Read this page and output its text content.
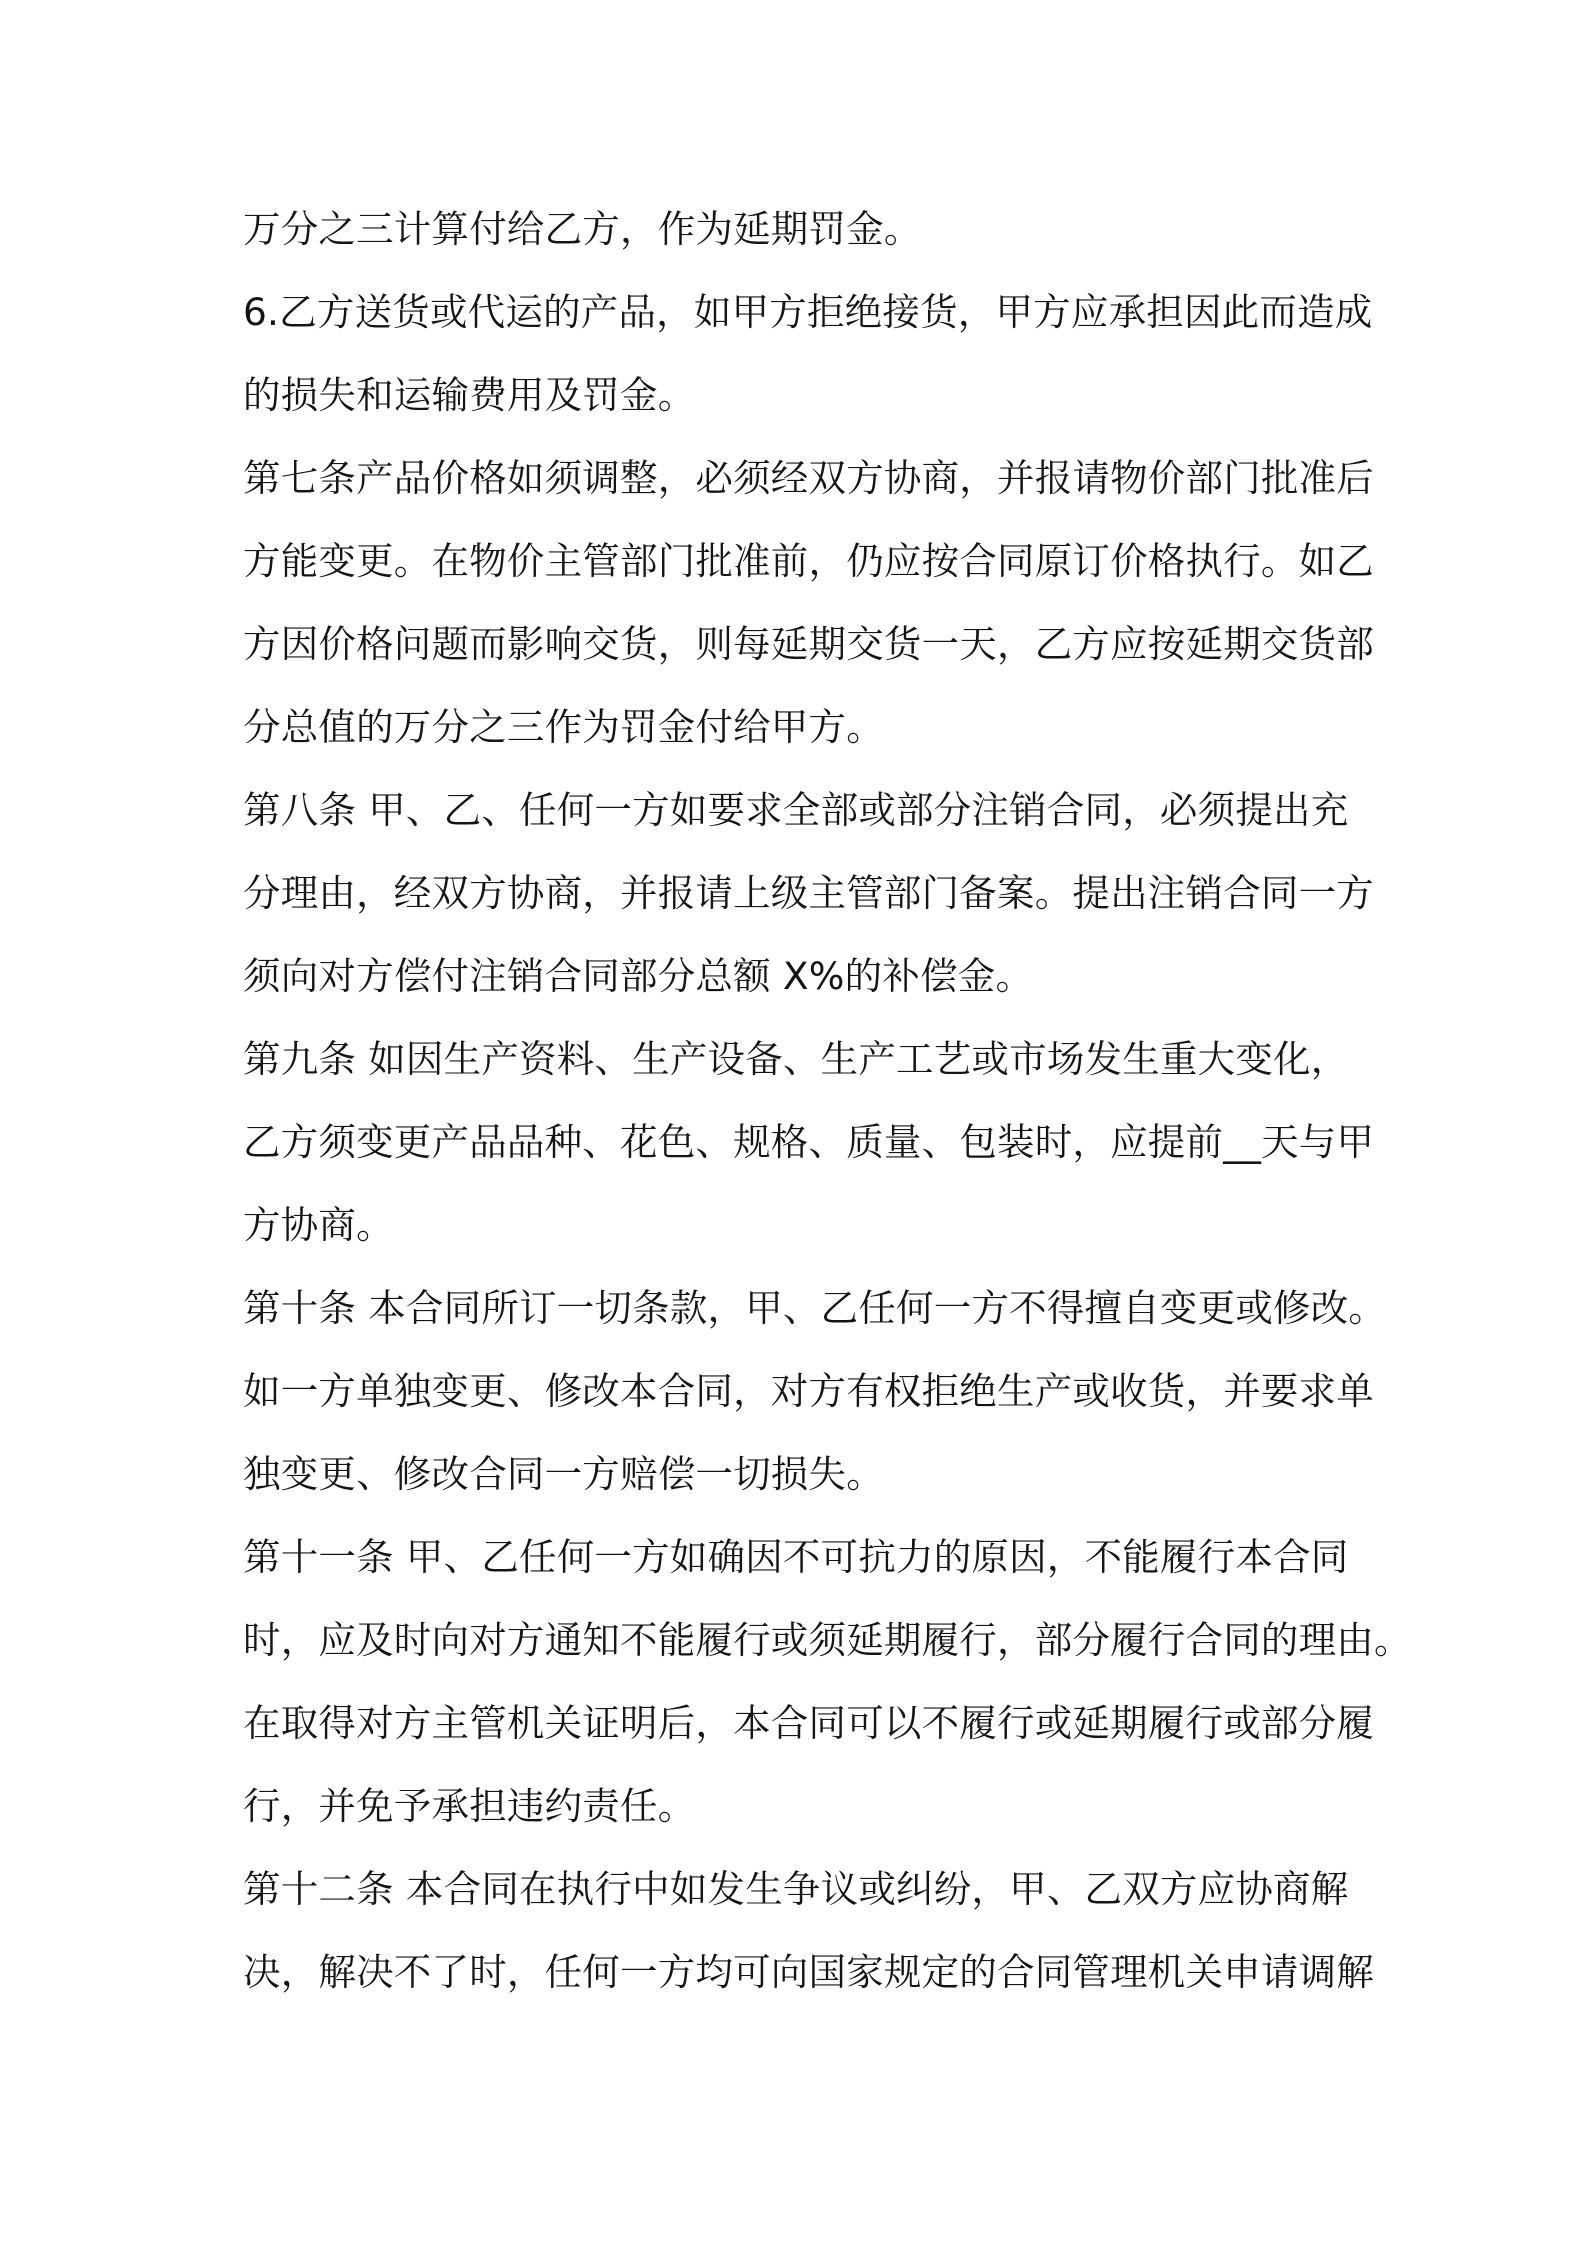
万分之三计算付给乙方，作为延期罚金。
6.乙方送货或代运的产品，如甲方拒绝接货，甲方应承担因此而造成
的损失和运输费用及罚金。
第七条产品价格如须调整，必须经双方协商，并报请物价部门批准后
方能变更。在物价主管部门批准前，仍应按合同原订价格执行。如乙
方因价格问题而影响交货，则每延期交货一天，乙方应按延期交货部
分总值的万分之三作为罚金付给甲方。
第八条 甲、乙、任何一方如要求全部或部分注销合同，必须提出充
分理由，经双方协商，并报请上级主管部门备案。提出注销合同一方
须向对方偿付注销合同部分总额 X%的补偿金。
第九条 如因生产资料、生产设备、生产工艺或市场发生重大变化，
乙方须变更产品品种、花色、规格、质量、包装时，应提前__天与甲
方协商。
第十条 本合同所订一切条款，甲、乙任何一方不得擅自变更或修改。
如一方单独变更、修改本合同，对方有权拒绝生产或收货，并要求单
独变更、修改合同一方赔偿一切损失。
第十一条 甲、乙任何一方如确因不可抗力的原因，不能履行本合同
时，应及时向对方通知不能履行或须延期履行，部分履行合同的理由。
在取得对方主管机关证明后，本合同可以不履行或延期履行或部分履
行，并免予承担违约责任。
第十二条 本合同在执行中如发生争议或纠纷，甲、乙双方应协商解
决，解决不了时，任何一方均可向国家规定的合同管理机关申请调解
